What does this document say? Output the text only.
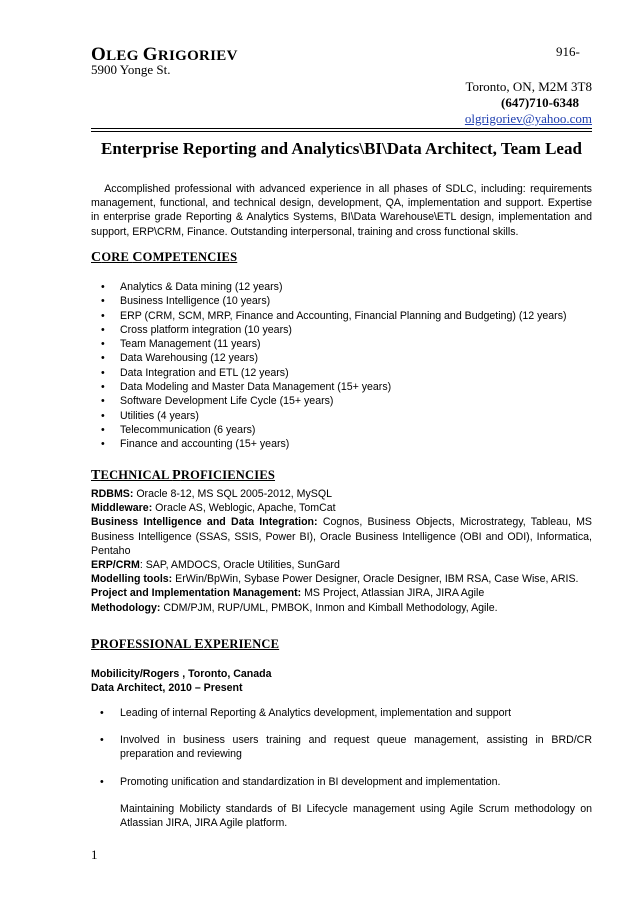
OLEG GRIGORIEV	916-
5900 Yonge St.
Toronto, ON, M2M 3T8
(647)710-6348
olgrigoriev@yahoo.com
Enterprise Reporting and Analytics\BI\Data Architect, Team Lead
Accomplished professional with advanced experience in all phases of SDLC, including: requirements management, functional, and technical design, development, QA, implementation and support. Expertise in enterprise grade Reporting & Analytics Systems, BI\Data Warehouse\ETL design, implementation and support, ERP\CRM, Finance. Outstanding interpersonal, training and cross functional skills.
CORE COMPETENCIES
• Analytics & Data mining (12 years)
• Business Intelligence (10 years)
• ERP (CRM, SCM, MRP, Finance and Accounting, Financial Planning and Budgeting) (12 years)
• Cross platform integration (10 years)
• Team Management (11 years)
• Data Warehousing (12 years)
• Data Integration and ETL (12 years)
• Data Modeling and Master Data Management (15+ years)
• Software Development Life Cycle (15+ years)
• Utilities (4 years)
• Telecommunication (6 years)
• Finance and accounting (15+ years)
TECHNICAL PROFICIENCIES

RDBMS: Oracle 8-12, MS SQL 2005-2012, MySQL

Middleware: Oracle AS, Weblogic, Apache, TomCat

Business Intelligence and Data Integration: Cognos, Business Objects, Microstrategy, Tableau, MS Business Intelligence (SSAS, SSIS, Power BI), Oracle Business Intelligence (OBI and ODI), Informatica, Pentaho

ERP/CRM: SAP, AMDOCS, Oracle Utilities, SunGard

Modelling tools: ErWin/BpWin, Sybase Power Designer, Oracle Designer, IBM RSA, Case Wise, ARIS.

Project and Implementation Management: MS Project, Atlassian JIRA, JIRA Agile

Methodology: CDM/PJM, RUP/UML, PMBOK, Inmon and Kimball Methodology, Agile.

PROFESSIONAL EXPERIENCE
Mobilicity/Rogers , Toronto, Canada
Data Architect, 2010 – Present
• Leading of internal Reporting & Analytics development, implementation and support
• Involved in business users training and request queue management, assisting in BRD/CR preparation and reviewing
• Promoting unification and standardization in BI development and implementation.
Maintaining Mobilicty standards of BI Lifecycle management using Agile Scrum methodology on Atlassian JIRA, JIRA Agile platform.
1
